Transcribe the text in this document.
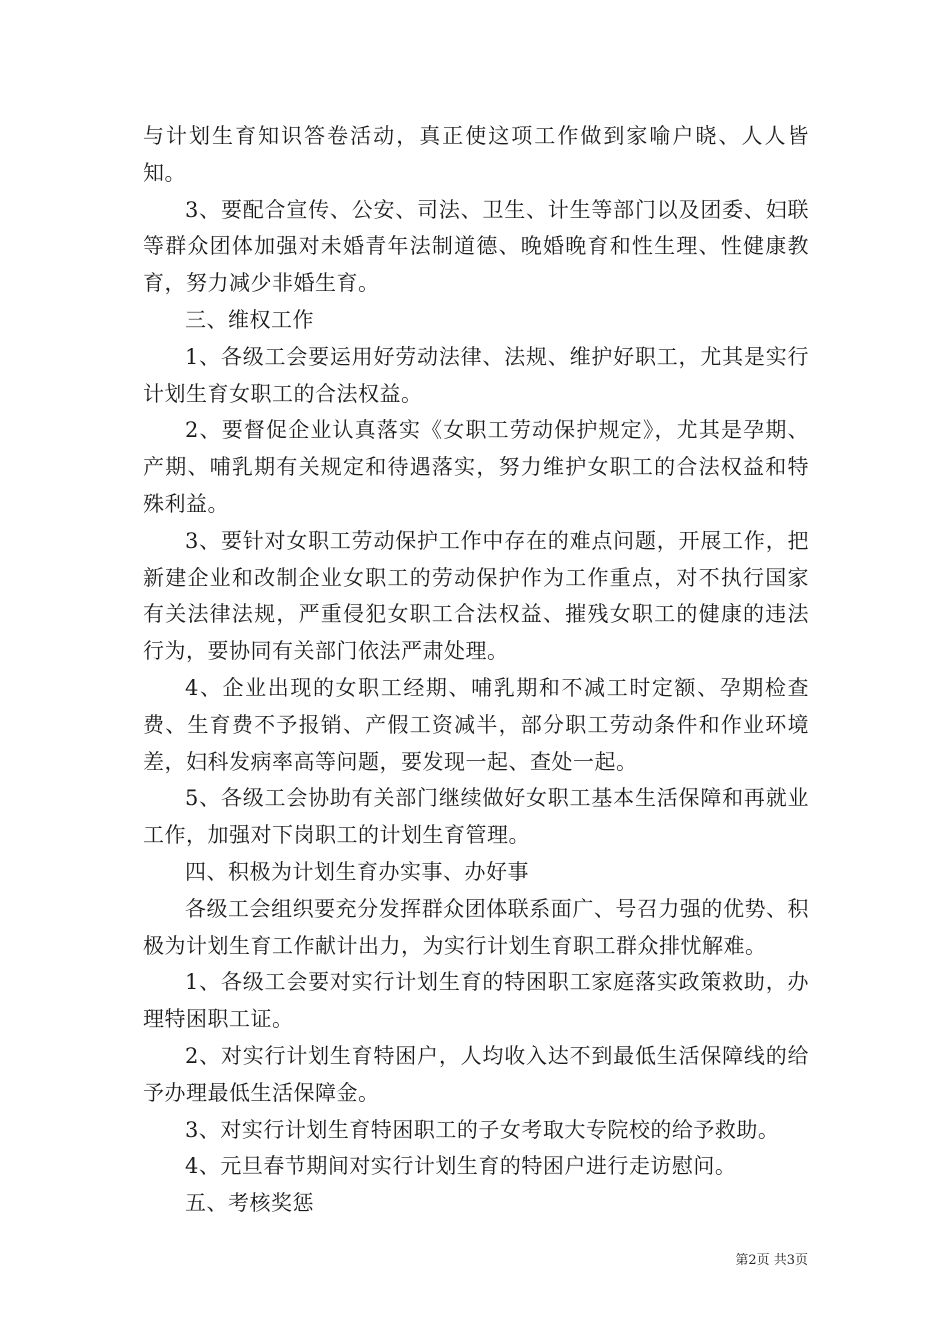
与计划生育知识答卷活动，真正使这项工作做到家喻户晓、人人皆知。

3、要配合宣传、公安、司法、卫生、计生等部门以及团委、妇联等群众团体加强对未婚青年法制道德、晚婚晚育和性生理、性健康教育，努力减少非婚生育。

三、维权工作

1、各级工会要运用好劳动法律、法规、维护好职工，尤其是实行计划生育女职工的合法权益。

2、要督促企业认真落实《女职工劳动保护规定》，尤其是孕期、产期、哺乳期有关规定和待遇落实，努力维护女职工的合法权益和特殊利益。

3、要针对女职工劳动保护工作中存在的难点问题，开展工作，把新建企业和改制企业女职工的劳动保护作为工作重点，对不执行国家有关法律法规，严重侵犯女职工合法权益、摧残女职工的健康的违法行为，要协同有关部门依法严肃处理。

4、企业出现的女职工经期、哺乳期和不减工时定额、孕期检查费、生育费不予报销、产假工资减半，部分职工劳动条件和作业环境差，妇科发病率高等问题，要发现一起、查处一起。

5、各级工会协助有关部门继续做好女职工基本生活保障和再就业工作，加强对下岗职工的计划生育管理。

四、积极为计划生育办实事、办好事

各级工会组织要充分发挥群众团体联系面广、号召力强的优势、积极为计划生育工作献计出力，为实行计划生育职工群众排忧解难。

1、各级工会要对实行计划生育的特困职工家庭落实政策救助，办理特困职工证。

2、对实行计划生育特困户，人均收入达不到最低生活保障线的给予办理最低生活保障金。

3、对实行计划生育特困职工的子女考取大专院校的给予救助。

4、元旦春节期间对实行计划生育的特困户进行走访慰问。

五、考核奖惩

第2页 共3页
